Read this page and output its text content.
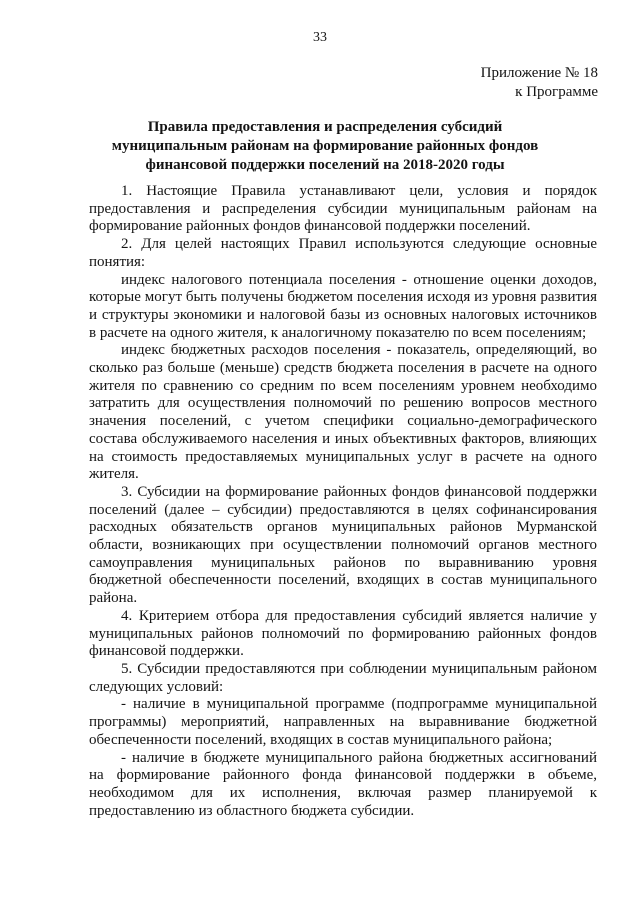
33
Приложение № 18
к Программе
Правила предоставления и распределения субсидий
муниципальным районам на формирование районных фондов
финансовой поддержки поселений на 2018-2020 годы

1. Настоящие Правила устанавливают цели, условия и порядок предоставления и распределения субсидии муниципальным районам на формирование районных фондов финансовой поддержки поселений.

2. Для целей настоящих Правил используются следующие основные понятия:

индекс налогового потенциала поселения - отношение оценки доходов, которые могут быть получены бюджетом поселения исходя из уровня развития и структуры экономики и налоговой базы из основных налоговых источников в расчете на одного жителя, к аналогичному показателю по всем поселениям;

индекс бюджетных расходов поселения - показатель, определяющий, во сколько раз больше (меньше) средств бюджета поселения в расчете на одного жителя по сравнению со средним по всем поселениям уровнем необходимо затратить для осуществления полномочий по решению вопросов местного значения поселений, с учетом специфики социально-демографического состава обслуживаемого населения и иных объективных факторов, влияющих на стоимость предоставляемых муниципальных услуг в расчете на одного жителя.

3. Субсидии на формирование районных фондов финансовой поддержки поселений (далее – субсидии) предоставляются в целях софинансирования расходных обязательств органов муниципальных районов Мурманской области, возникающих при осуществлении полномочий органов местного самоуправления муниципальных районов по выравниванию уровня бюджетной обеспеченности поселений, входящих в состав муниципального района.

4. Критерием отбора для предоставления субсидий является наличие у муниципальных районов полномочий по формированию районных фондов финансовой поддержки.

5. Субсидии предоставляются при соблюдении муниципальным районом следующих условий:

- наличие в муниципальной программе (подпрограмме муниципальной программы) мероприятий, направленных на выравнивание бюджетной обеспеченности поселений, входящих в состав муниципального района;

- наличие в бюджете муниципального района бюджетных ассигнований на формирование районного фонда финансовой поддержки в объеме, необходимом для их исполнения, включая размер планируемой к предоставлению из областного бюджета субсидии.
